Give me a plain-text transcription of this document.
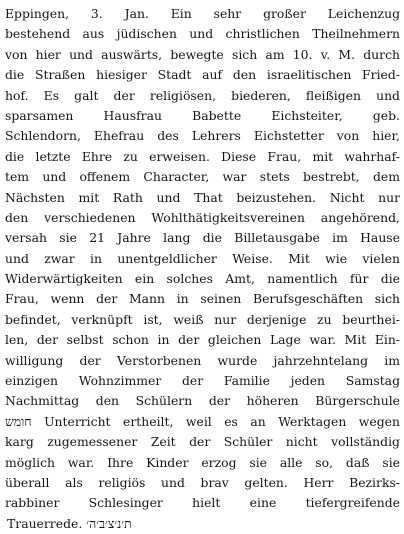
Eppingen, 3. Jan. Ein sehr großer Leichenzug
bestehend aus jüdischen und christlichen Theilnehmern
von hier und auswärts, bewegte sich am 10. v. M. durch
die Straßen hiesiger Stadt auf den israelitischen Fried-
hof. Es galt der religiösen, biederen, fleißigen und
sparsamen Hausfrau Babette Eichsteiter, geb.
Schlendorn, Ehefrau des Lehrers Eichstetter von hier,
die letzte Ehre zu erweisen. Diese Frau, mit wahrhaf-
tem und offenem Character, war stets bestrebt, dem
Nächsten mit Rath und That beizustehen. Nicht nur
den verschiedenen Wohlthätigkeitsvereinen angehörend,
versah sie 21 Jahre lang die Billetausgabe im Hause
und zwar in unentgeldlicher Weise. Mit wie vielen
Widerwärtigkeiten ein solches Amt, namentlich für die
Frau, wenn der Mann in seinen Berufsgeschäften sich
befindet, verknüpft ist, weiß nur derjenige zu beurthei-
len, der selbst schon in der gleichen Lage war. Mit Ein-
willigung der Verstorbenen wurde jahrzehntelang im
einzigen Wohnzimmer der Familie jeden Samstag
Nachmittag den Schülern der höheren Bürgerschule
חומש Unterricht ertheilt, weil es an Werktagen wegen
karg zugemessener Zeit der Schüler nicht vollständig
möglich war. Ihre Kinder erzog sie alle so, daß sie
überall als religiös und brav gelten. Herr Bezirks-
rabbiner Schlesinger hielt eine tiefergreifende
Trauerrede. ת׳נ׳צ׳ב׳ה׳
